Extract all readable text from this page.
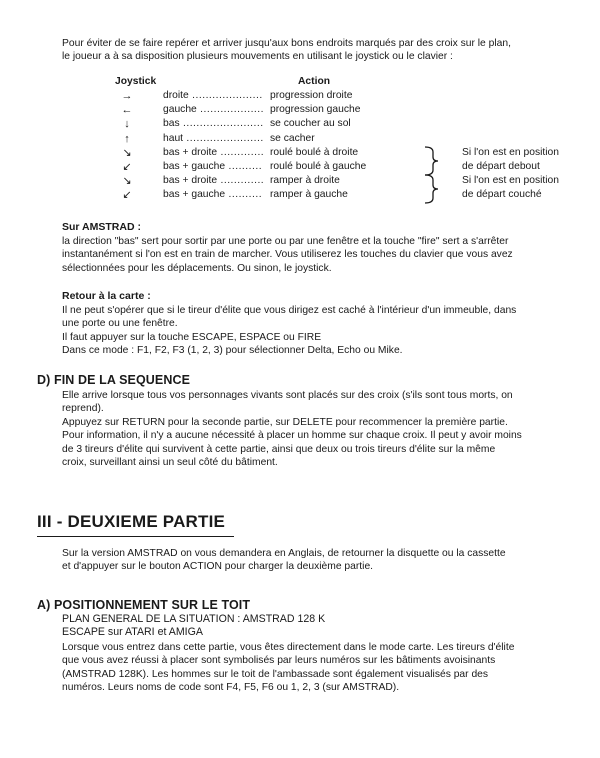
Pour éviter de se faire repérer et arriver jusqu'aux bons endroits marqués par des croix sur le plan,
le joueur a à sa disposition plusieurs mouvements en utilisant le joystick ou le clavier :
Joystick	Action
→	droite .....	progression droite
←	gauche .....	progression gauche
↓	bas .....	se coucher au sol
↑	haut .....	se cacher
↘	bas + droite .....	roulé boulé à droite
↙	bas + gauche .....	roulé boulé à gauche
↘	bas + droite .....	ramper à droite
↙	bas + gauche .....	ramper à gauche
Si l'on est en position
de départ debout
Si l'on est en position
de départ couché
Sur AMSTRAD :
la direction "bas" sert pour sortir par une porte ou par une fenêtre et la touche "fire" sert a s'arrêter
instantanément si l'on est en train de marcher. Vous utiliserez les touches du clavier que vous avez
sélectionnées pour les déplacements. Ou sinon, le joystick.
Retour à la carte :
Il ne peut s'opérer que si le tireur d'élite que vous dirigez est caché à l'intérieur d'un immeuble, dans
une porte ou une fenêtre.
Il faut appuyer sur la touche ESCAPE, ESPACE ou FIRE
Dans ce mode : F1, F2, F3 (1, 2, 3) pour sélectionner Delta, Echo ou Mike.
D) FIN DE LA SEQUENCE
Elle arrive lorsque tous vos personnages vivants sont placés sur des croix (s'ils sont tous morts, on
reprend).
Appuyez sur RETURN pour la seconde partie, sur DELETE pour recommencer la première partie.
Pour information, il n'y a aucune nécessité à placer un homme sur chaque croix. Il peut y avoir moins
de 3 tireurs d'élite qui survivent à cette partie, ainsi que deux ou trois tireurs d'élite sur la même
croix, surveillant ainsi un seul côté du bâtiment.
III - DEUXIEME PARTIE
Sur la version AMSTRAD on vous demandera en Anglais, de retourner la disquette ou la cassette
et d'appuyer sur le bouton ACTION pour charger la deuxième partie.
A) POSITIONNEMENT SUR LE TOIT
PLAN GENERAL DE LA SITUATION : AMSTRAD 128 K
ESCAPE sur ATARI et AMIGA
Lorsque vous entrez dans cette partie, vous êtes directement dans le mode carte. Les tireurs d'élite
que vous avez réussi à placer sont symbolisés par leurs numéros sur les bâtiments avoisinants
(AMSTRAD 128K). Les hommes sur le toit de l'ambassade sont également visualisés par des
numéros. Leurs noms de code sont F4, F5, F6 ou 1, 2, 3 (sur AMSTRAD).
